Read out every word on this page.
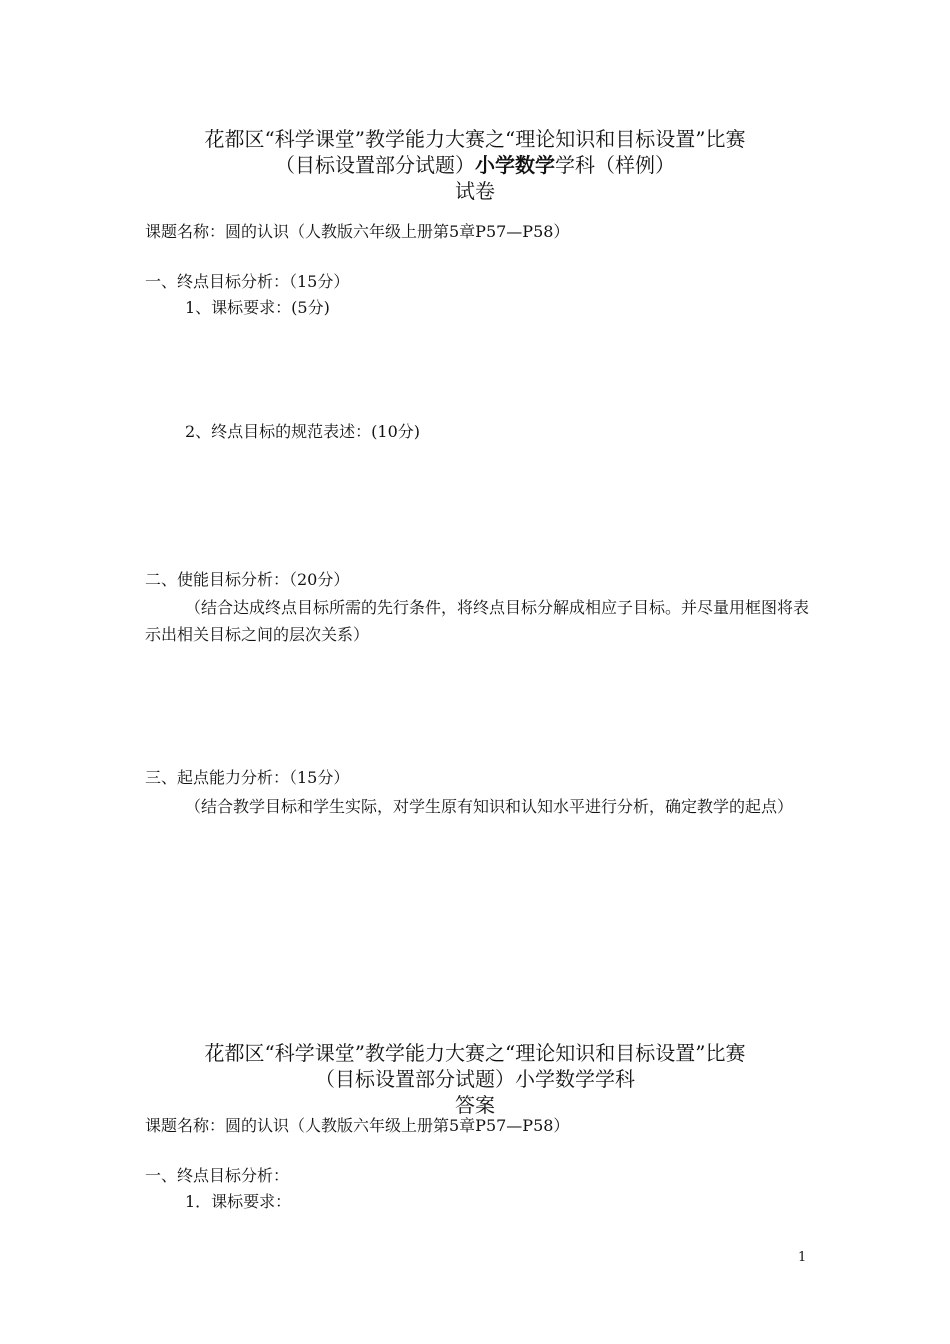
花都区“科学课堂”教学能力大赛之“理论知识和目标设置”比赛
（目标设置部分试题）小学数学学科（样例）
试卷

课题名称：圆的认识（人教版六年级上册第5章P57—P58）

一、终点目标分析：（15分）

1、课标要求：(5分)

2、终点目标的规范表述：(10分)

二、使能目标分析：（20分）

（结合达成终点目标所需的先行条件，将终点目标分解成相应子目标。并尽量用框图将表示出相关目标之间的层次关系）

三、起点能力分析：（15分）

（结合教学目标和学生实际，对学生原有知识和认知水平进行分析，确定教学的起点）

花都区“科学课堂”教学能力大赛之“理论知识和目标设置”比赛
（目标设置部分试题）小学数学学科
答案

课题名称：圆的认识（人教版六年级上册第5章P57—P58）

一、终点目标分析：

1．课标要求：

1
